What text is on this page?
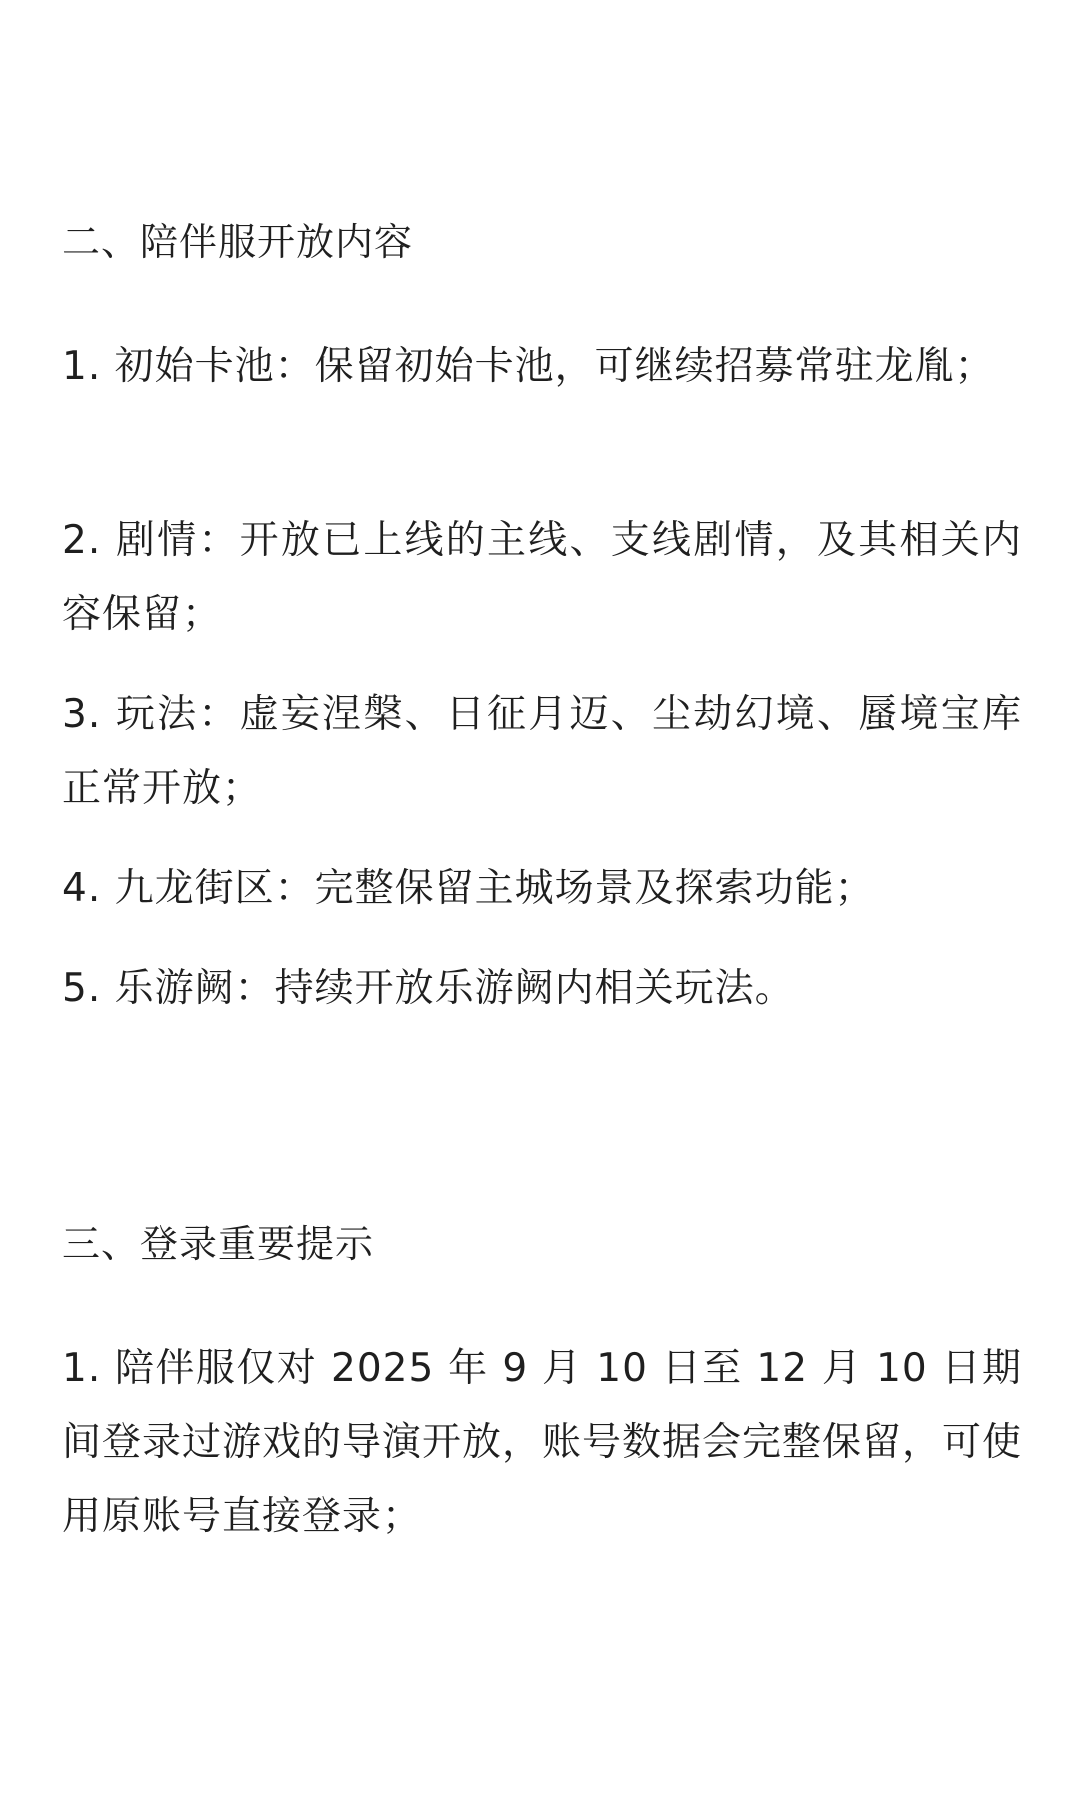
二、陪伴服开放内容
1. 初始卡池：保留初始卡池，可继续招募常驻龙胤；
2. 剧情：开放已上线的主线、支线剧情，及其相关内容保留；
3. 玩法：虚妄涅槃、日征月迈、尘劫幻境、蜃境宝库正常开放；
4. 九龙街区：完整保留主城场景及探索功能；
5. 乐游阙：持续开放乐游阙内相关玩法。
三、登录重要提示
1. 陪伴服仅对 2025 年 9 月 10 日至 12 月 10 日期间登录过游戏的导演开放，账号数据会完整保留，可使用原账号直接登录；
